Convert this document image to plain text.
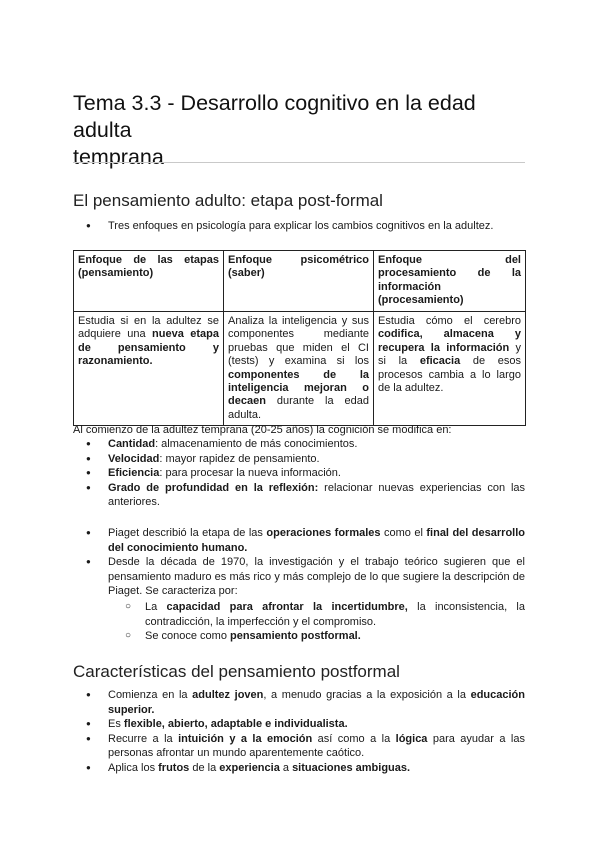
Tema 3.3 - Desarrollo cognitivo en la edad adulta
temprana
El pensamiento adulto: etapa post-formal
● Tres enfoques en psicología para explicar los cambios cognitivos en la adultez.
Enfoque de las etapas (pensamiento)	Enfoque psicométrico (saber)	Enfoque del procesamiento de la información (procesamiento)
Estudia si en la adultez se adquiere una nueva etapa de pensamiento y razonamiento.	Analiza la inteligencia y sus componentes mediante pruebas que miden el CI (tests) y examina si los componentes de la inteligencia mejoran o decaen durante la edad adulta.	Estudia cómo el cerebro codifica, almacena y recupera la información y si la eficacia de esos procesos cambia a lo largo de la adultez.
Al comienzo de la adultez temprana (20-25 años) la cognición se modifica en:
● Cantidad: almacenamiento de más conocimientos.
● Velocidad: mayor rapidez de pensamiento.
● Eficiencia: para procesar la nueva información.
● Grado de profundidad en la reflexión: relacionar nuevas experiencias con las anteriores.
● Piaget describió la etapa de las operaciones formales como el final del desarrollo del conocimiento humano.
● Desde la década de 1970, la investigación y el trabajo teórico sugieren que el pensamiento maduro es más rico y más complejo de lo que sugiere la descripción de Piaget. Se caracteriza por:
○ La capacidad para afrontar la incertidumbre, la inconsistencia, la contradicción, la imperfección y el compromiso.
○ Se conoce como pensamiento postformal.
Características del pensamiento postformal
● Comienza en la adultez joven, a menudo gracias a la exposición a la educación superior.
● Es flexible, abierto, adaptable e individualista.
● Recurre a la intuición y a la emoción así como a la lógica para ayudar a las personas afrontar un mundo aparentemente caótico.
● Aplica los frutos de la experiencia a situaciones ambiguas.
